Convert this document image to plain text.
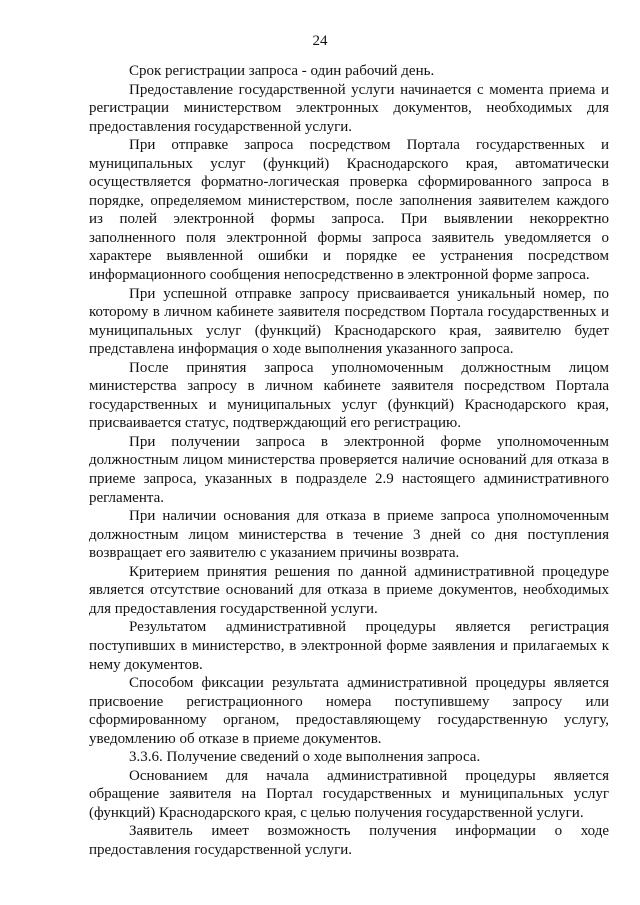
24

Срок регистрации запроса - один рабочий день.

Предоставление государственной услуги начинается с момента приема и регистрации министерством электронных документов, необходимых для предоставления государственной услуги.

При отправке запроса посредством Портала государственных и муниципальных услуг (функций) Краснодарского края, автоматически осуществляется форматно-логическая проверка сформированного запроса в порядке, определяемом министерством, после заполнения заявителем каждого из полей электронной формы запроса. При выявлении некорректно заполненного поля электронной формы запроса заявитель уведомляется о характере выявленной ошибки и порядке ее устранения посредством информационного сообщения непосредственно в электронной форме запроса.

При успешной отправке запросу присваивается уникальный номер, по которому в личном кабинете заявителя посредством Портала государственных и муниципальных услуг (функций) Краснодарского края, заявителю будет представлена информация о ходе выполнения указанного запроса.

После принятия запроса уполномоченным должностным лицом министерства запросу в личном кабинете заявителя посредством Портала государственных и муниципальных услуг (функций) Краснодарского края, присваивается статус, подтверждающий его регистрацию.

При получении запроса в электронной форме уполномоченным должностным лицом министерства проверяется наличие оснований для отказа в приеме запроса, указанных в подразделе 2.9 настоящего административного регламента.

При наличии основания для отказа в приеме запроса уполномоченным должностным лицом министерства в течение 3 дней со дня поступления возвращает его заявителю с указанием причины возврата.

Критерием принятия решения по данной административной процедуре является отсутствие оснований для отказа в приеме документов, необходимых для предоставления государственной услуги.

Результатом административной процедуры является регистрация поступивших в министерство, в электронной форме заявления и прилагаемых к нему документов.

Способом фиксации результата административной процедуры является присвоение регистрационного номера поступившему запросу или сформированному органом, предоставляющему государственную услугу, уведомлению об отказе в приеме документов.

3.3.6. Получение сведений о ходе выполнения запроса.

Основанием для начала административной процедуры является обращение заявителя на Портал государственных и муниципальных услуг (функций) Краснодарского края, с целью получения государственной услуги.

Заявитель имеет возможность получения информации о ходе предоставления государственной услуги.
